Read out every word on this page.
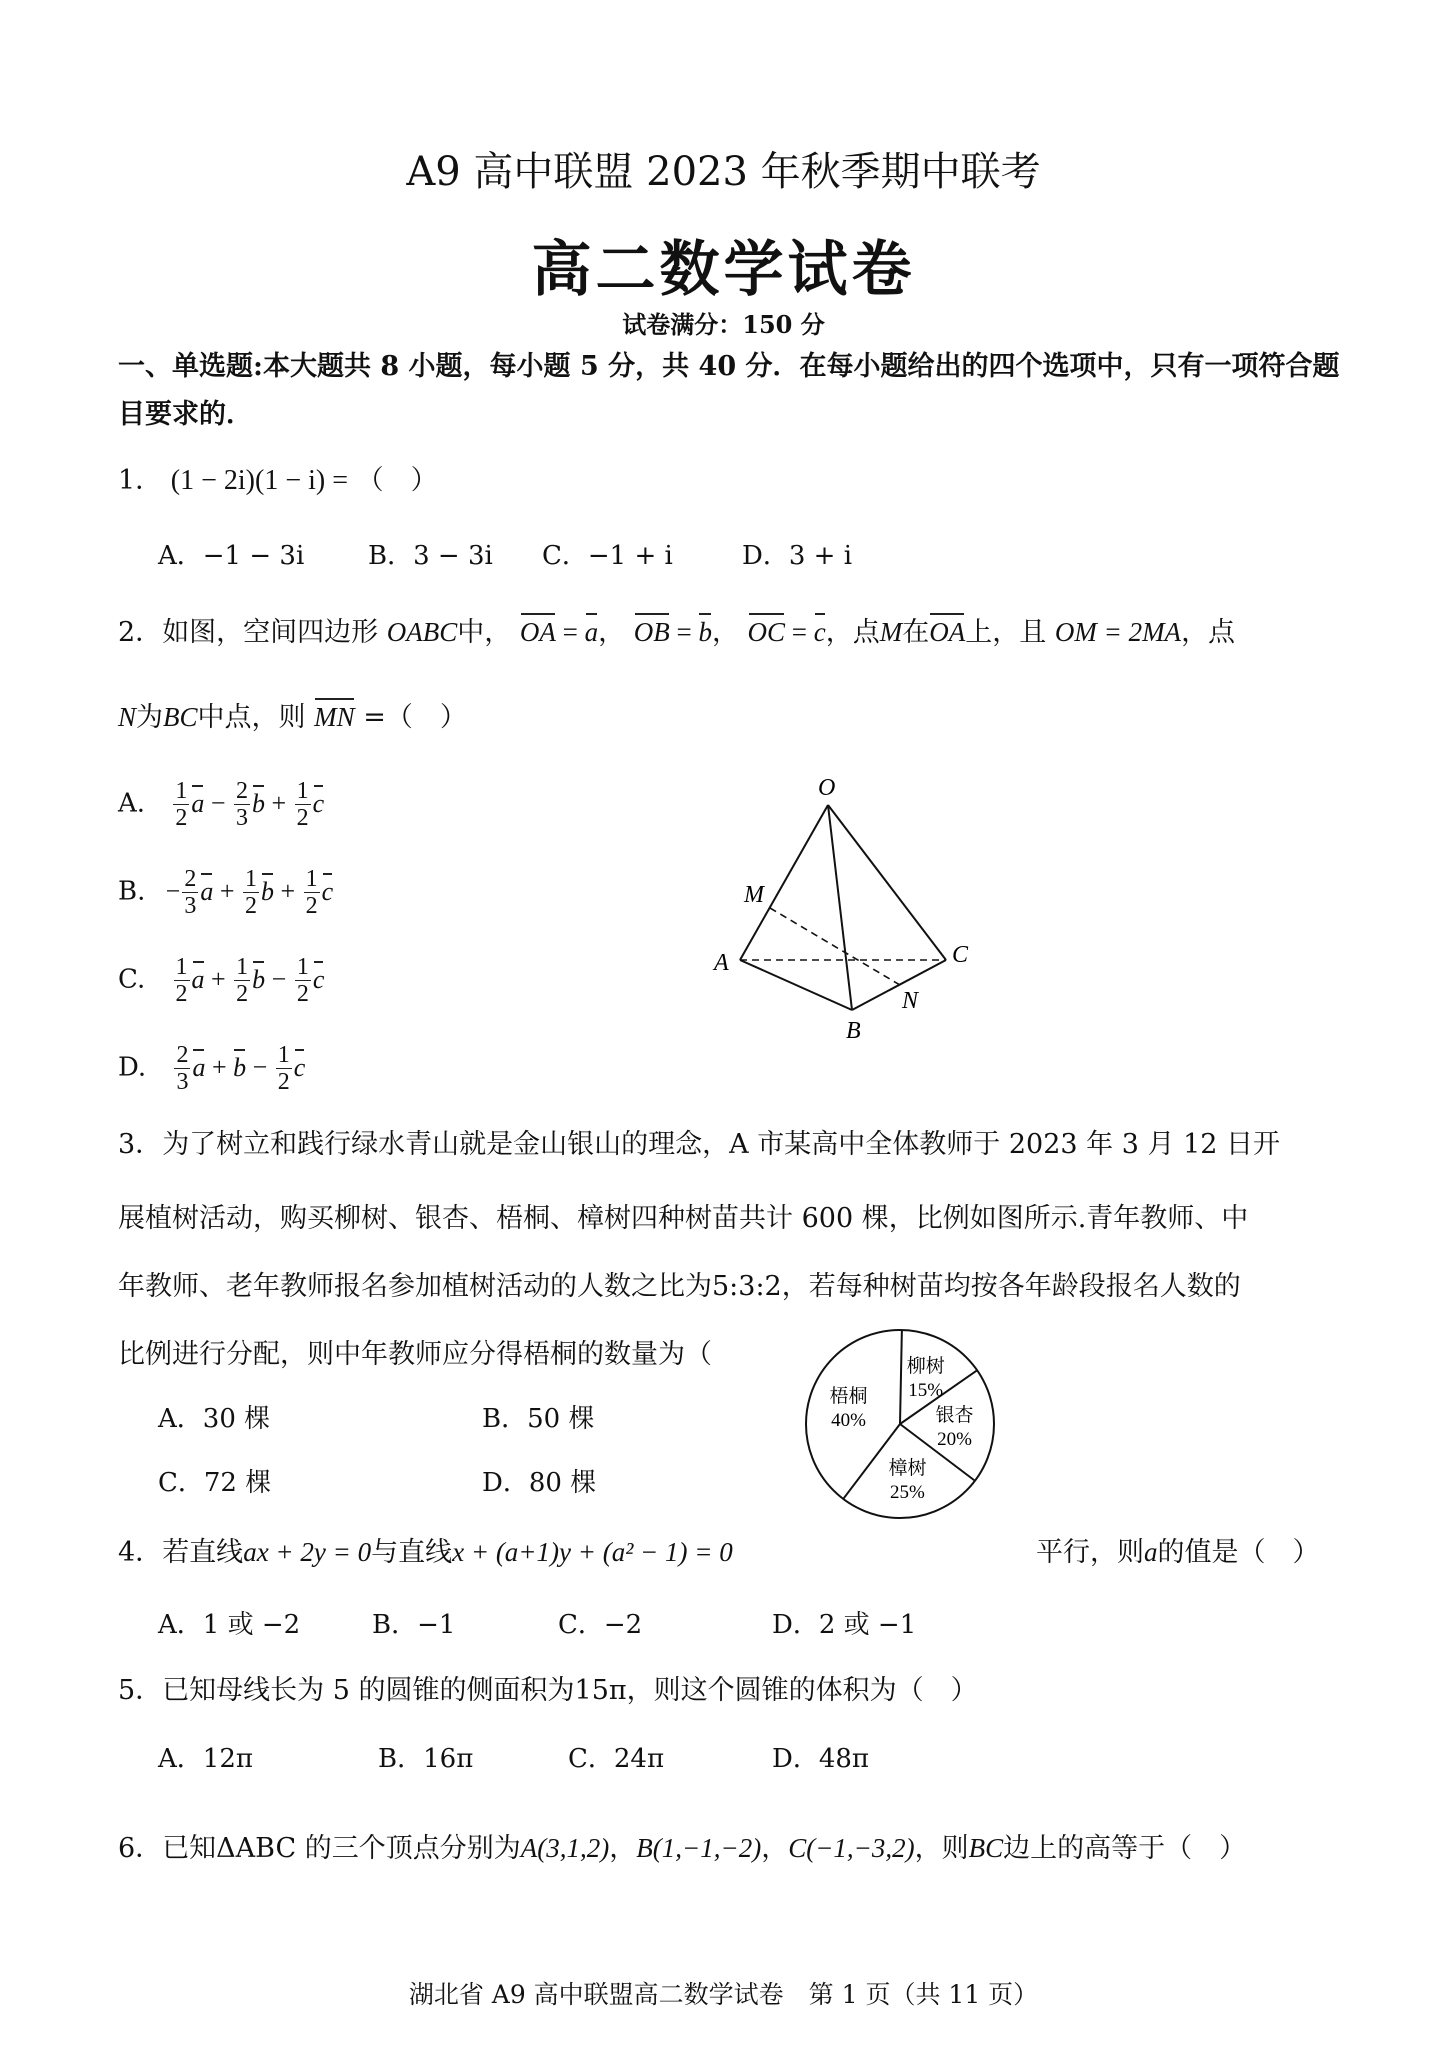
A9 高中联盟 2023 年秋季期中联考
高二数学试卷
试卷满分：150 分
一、单选题:本大题共 8 小题，每小题 5 分，共 40 分．在每小题给出的四个选项中，只有一项符合题目要求的．
1． (1 − 2i)(1 − i) = （　）
A．−1 − 3i B．3 − 3i C．−1 + i	D．3 + i
2．如图，空间四边形 OABC中， OA = a， OB = b， OC = c，点M在OA上，且 OM = 2MA，点
N为BC中点，则 MN =（　）
A. $\frac{1}{2}$ $a - \frac{2}{3}$ $b + \frac{1}{2}$ c
B. − $\frac{2}{3}$ $a + \frac{1}{2}$ $b + \frac{1}{2}$ c
C. $\frac{1}{2}$ $a + \frac{1}{2}$ $b - \frac{1}{2}$ c
D. $\frac{2}{3}$ $a + b - \frac{1}{2}$ c
O
M
A	C
N
B
3．为了树立和践行绿水青山就是金山银山的理念，A 市某高中全体教师于 2023 年 3 月 12 日开
展植树活动，购买柳树、银杏、梧桐、樟树四种树苗共计 600 棵，比例如图所示.青年教师、中
年教师、老年教师报名参加植树活动的人数之比为5:3:2，若每种树苗均按各年龄段报名人数的
比例进行分配，则中年教师应分得梧桐的数量为（
A．30 棵	B．50 棵
C．72 棵	D．80 棵
柳树
15%
银杏
20%
樟树
25%
梧桐
40%
4．若直线ax + 2y = 0与直线x + (a+1)y + (a² − 1) = 0	平行，则a的值是（　）
A．1 或 −2	B．−1	C．−2	D．2 或 −1
5．已知母线长为 5 的圆锥的侧面积为15π，则这个圆锥的体积为（　）
A．12π	B．16π	C．24π	D．48π
6．已知ΔABC 的三个顶点分别为A(3,1,2)，B(1,−1,−2)，C(−1,−3,2)，则BC边上的高等于（　）
湖北省 A9 高中联盟高二数学试卷　第 1 页（共 11 页）
